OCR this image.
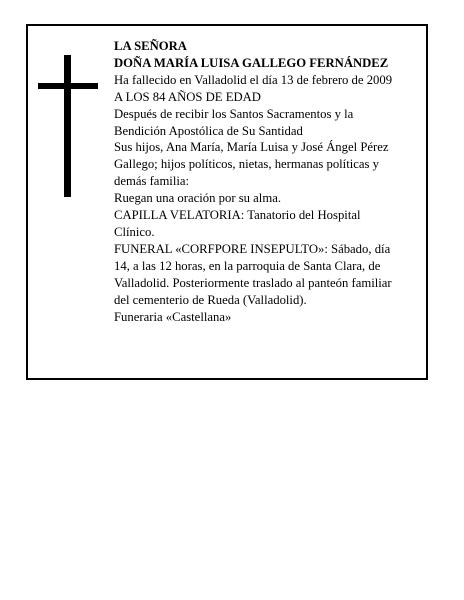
LA SEÑORA
DOÑA MARÍA LUISA GALLEGO FERNÁNDEZ
Ha fallecido en Valladolid el día 13 de febrero de 2009
A LOS 84 AÑOS DE EDAD
Después de recibir los Santos Sacramentos y la
Bendición Apostólica de Su Santidad
Sus hijos, Ana María, María Luisa y José Ángel Pérez
Gallego; hijos políticos, nietas, hermanas políticas y
demás familia:
Ruegan una oración por su alma.
CAPILLA VELATORIA: Tanatorio del Hospital
Clínico.
FUNERAL «CORFPORE INSEPULTO»: Sábado, día
14, a las 12 horas, en la parroquia de Santa Clara, de
Valladolid. Posteriormente traslado al panteón familiar
del cementerio de Rueda (Valladolid).
Funeraria «Castellana»
